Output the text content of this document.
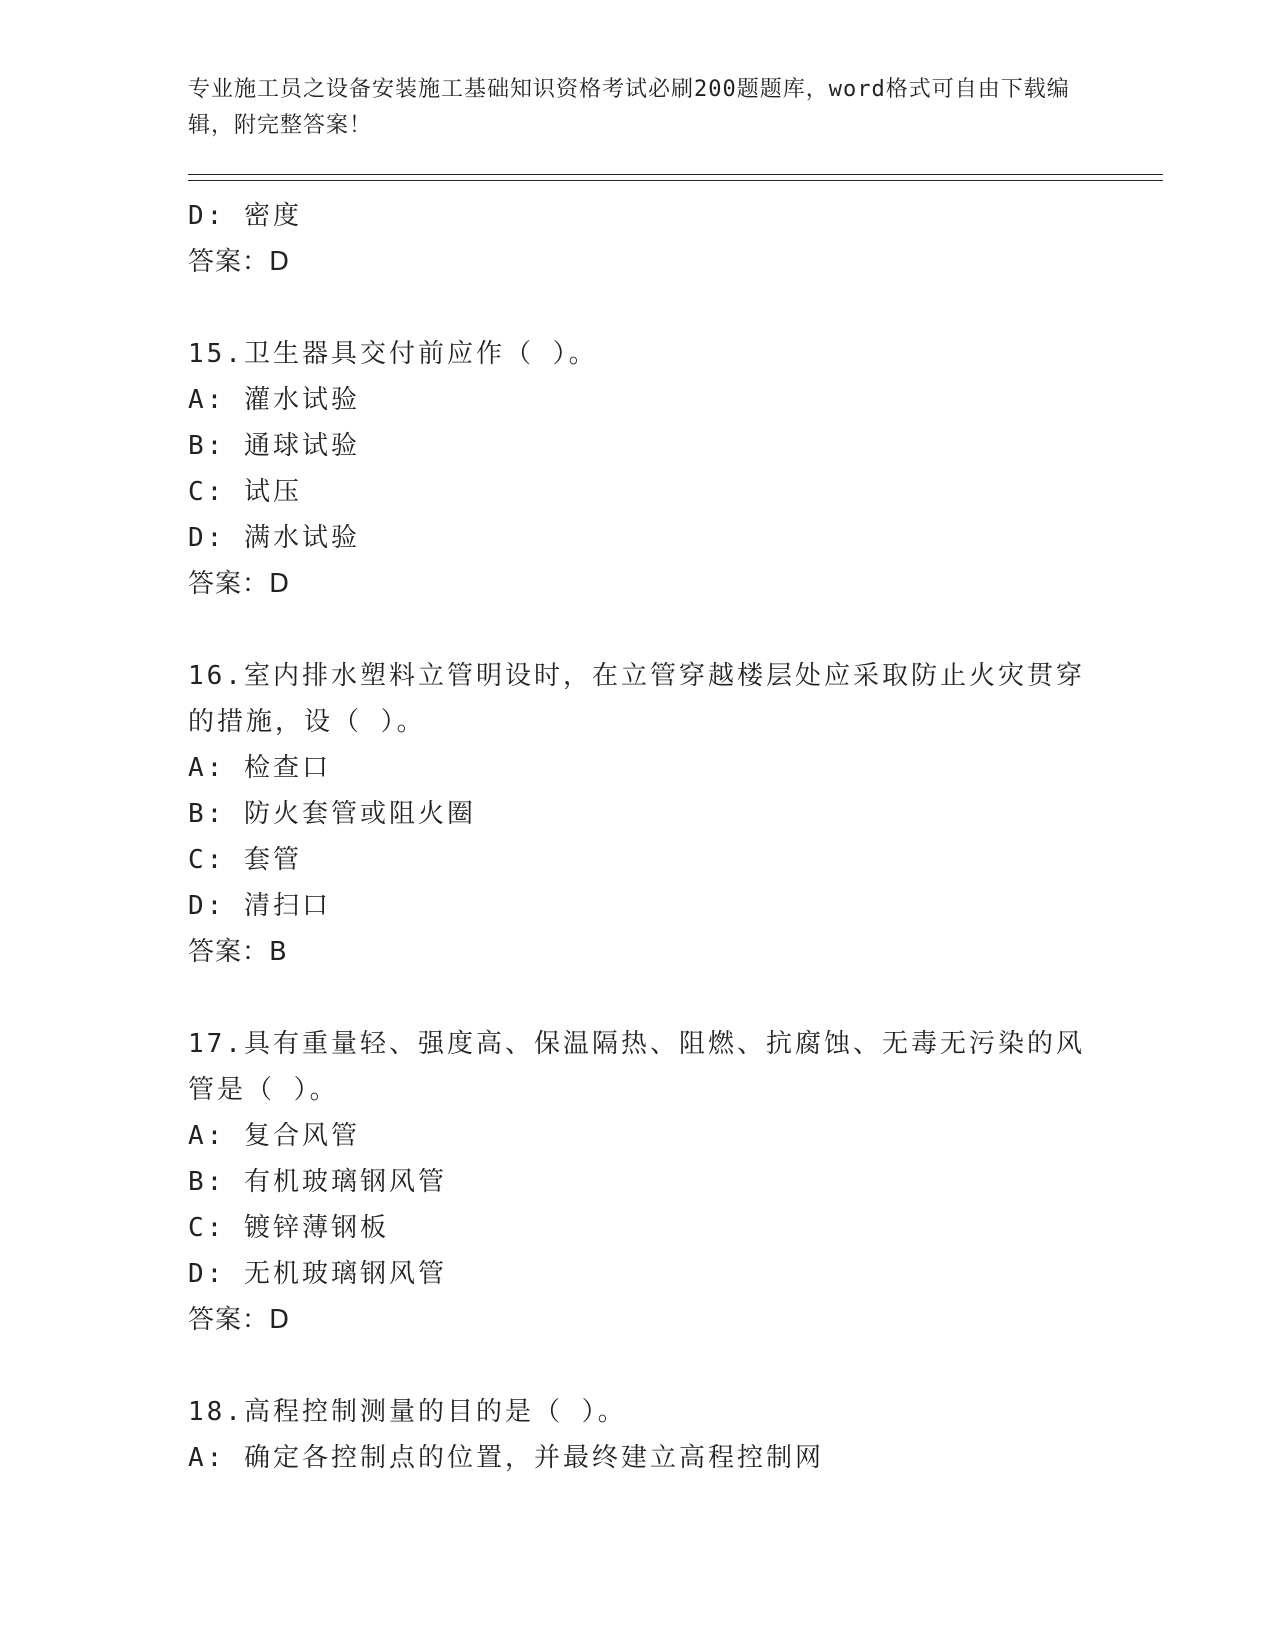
专业施工员之设备安装施工基础知识资格考试必刷200题题库，word格式可自由下载编辑，附完整答案！

D: 密度
答案：D
15.卫生器具交付前应作（ ）。
A: 灌水试验
B: 通球试验
C: 试压
D: 满水试验
答案：D
16.室内排水塑料立管明设时，在立管穿越楼层处应采取防止火灾贯穿的措施，设（ ）。
A: 检查口
B: 防火套管或阻火圈
C: 套管
D: 清扫口
答案：B
17.具有重量轻、强度高、保温隔热、阻燃、抗腐蚀、无毒无污染的风管是（ ）。
A: 复合风管
B: 有机玻璃钢风管
C: 镀锌薄钢板
D: 无机玻璃钢风管
答案：D
18.高程控制测量的目的是（ ）。
A: 确定各控制点的位置，并最终建立高程控制网
